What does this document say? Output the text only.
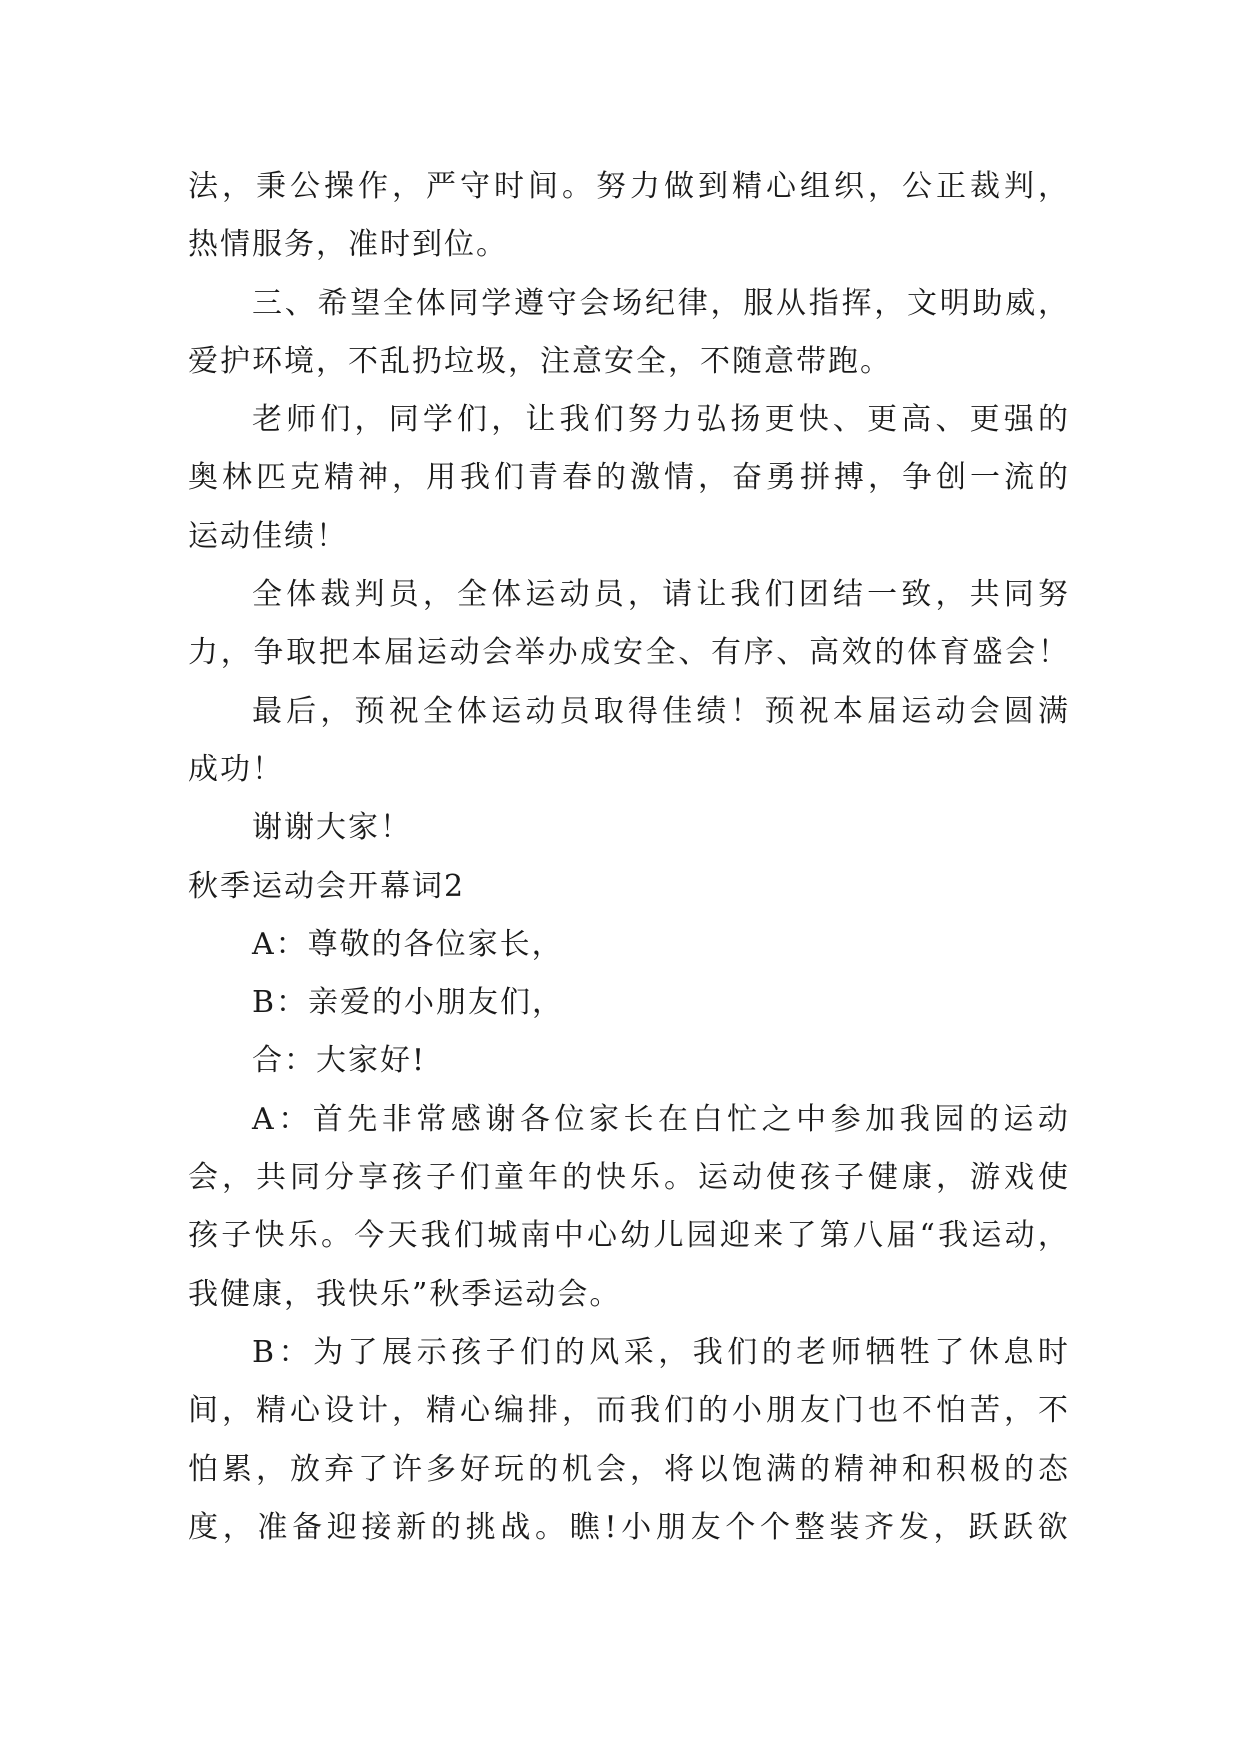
法 ， 秉 公 操 作 ， 严 守 时 间 。 努 力 做 到 精 心 组 织 ， 公 正 裁 判 ，
热情服务，准时到位。
三 、 希 望 全 体 同 学 遵 守 会 场 纪 律 ， 服 从 指 挥 ， 文 明 助 威 ，
爱护环境，不乱扔垃圾，注意安全，不随意带跑。
老 师 们 ， 同 学 们 ， 让 我 们 努 力 弘 扬 更 快 、 更 高 、 更 强 的
奥 林 匹 克 精 神 ， 用 我 们 青 春 的 激 情 ， 奋 勇 拼 搏 ， 争 创 一 流 的
运动佳绩！
全 体 裁 判 员 ， 全 体 运 动 员 ， 请 让 我 们 团 结 一 致 ， 共 同 努
力 ， 争 取 把 本 届 运 动 会 举 办 成 安 全 、 有 序 、 高 效 的 体 育 盛 会 ！
最 后 ， 预 祝 全 体 运 动 员 取 得 佳 绩 ！ 预 祝 本 届 运 动 会 圆 满
成功！
谢谢大家！
秋季运动会开幕词2
A：尊敬的各位家长，
B：亲爱的小朋友们，
合：大家好!
A ： 首 先 非 常 感 谢 各 位 家 长 在 白 忙 之 中 参 加 我 园 的 运 动
会 ， 共 同 分 享 孩 子 们 童 年 的 快 乐 。 运 动 使 孩 子 健 康 ， 游 戏 使
孩 子 快 乐 。 今 天 我 们 城 南 中 心 幼 儿 园 迎 来 了 第 八 届 “ 我 运 动 ，
我健康，我快乐”秋季运动会。
B ： 为 了 展 示 孩 子 们 的 风 采 ， 我 们 的 老 师 牺 牲 了 休 息 时
间 ， 精 心 设 计 ， 精 心 编 排 ， 而 我 们 的 小 朋 友 门 也 不 怕 苦 ， 不
怕 累 ， 放 弃 了 许 多 好 玩 的 机 会 ， 将 以 饱 满 的 精 神 和 积 极 的 态
度 ， 准 备 迎 接 新 的 挑 战 。 瞧 ! 小 朋 友 个 个 整 装 齐 发 ， 跃 跃 欲
